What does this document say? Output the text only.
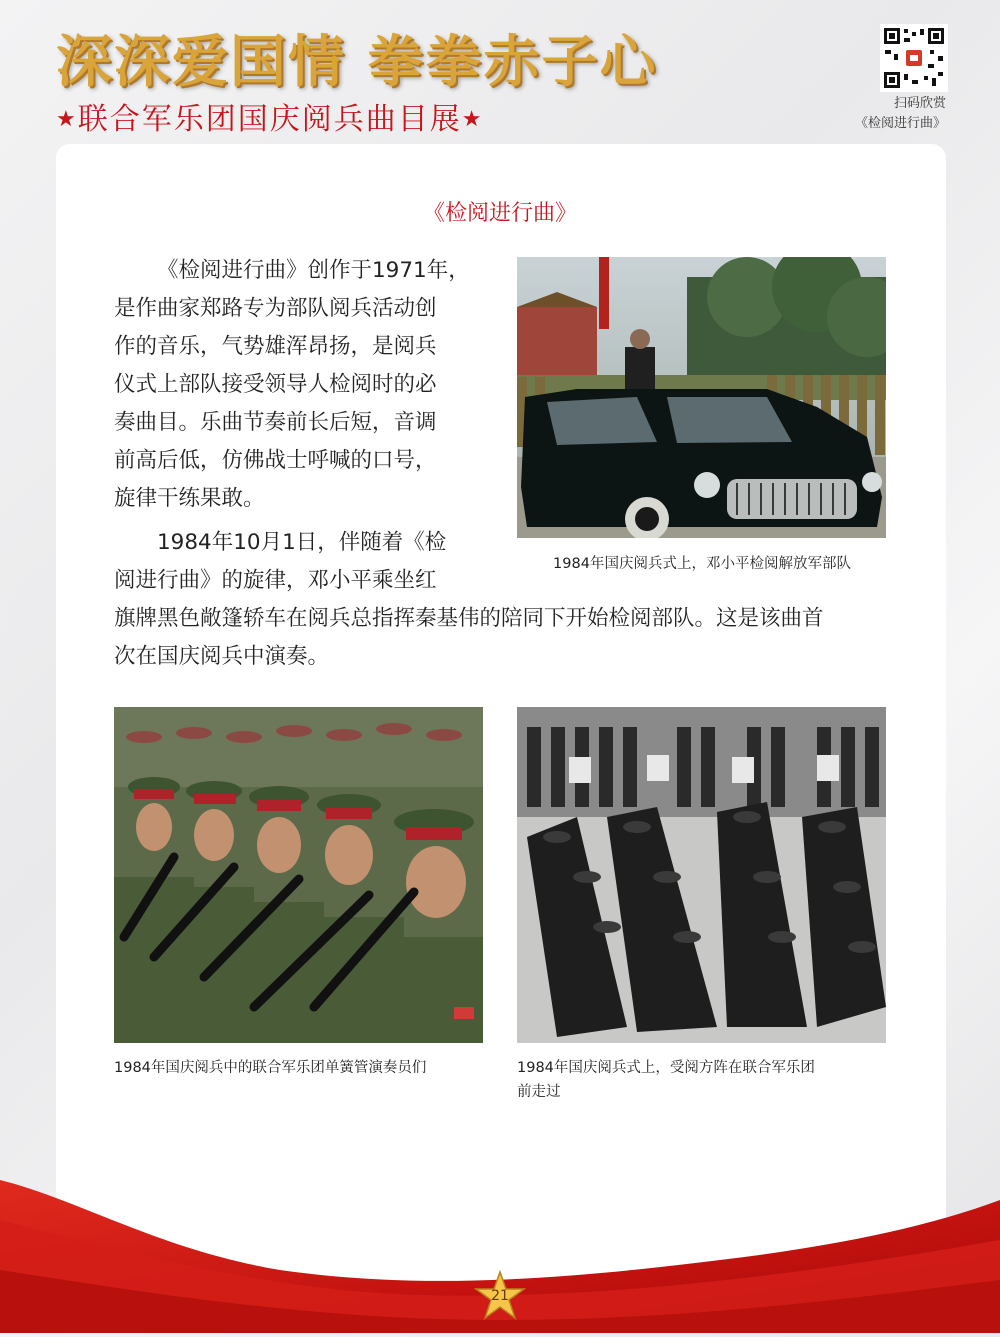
深深爱国情 拳拳赤子心
★联合军乐团国庆阅兵曲目展★
扫码欣赏
《检阅进行曲》
《检阅进行曲》
《检阅进行曲》创作于1971年，
是作曲家郑路专为部队阅兵活动创
作的音乐，气势雄浑昂扬，是阅兵
仪式上部队接受领导人检阅时的必
奏曲目。乐曲节奏前长后短，音调
前高后低，仿佛战士呼喊的口号，
旋律干练果敢。
1984年10月1日，伴随着《检
阅进行曲》的旋律，邓小平乘坐红
旗牌黑色敞篷轿车在阅兵总指挥秦基伟的陪同下开始检阅部队。这是该曲首
次在国庆阅兵中演奏。
1984年国庆阅兵式上，邓小平检阅解放军部队
1984年国庆阅兵中的联合军乐团单簧管演奏员们	1984年国庆阅兵式上，受阅方阵在联合军乐团
前走过
21
